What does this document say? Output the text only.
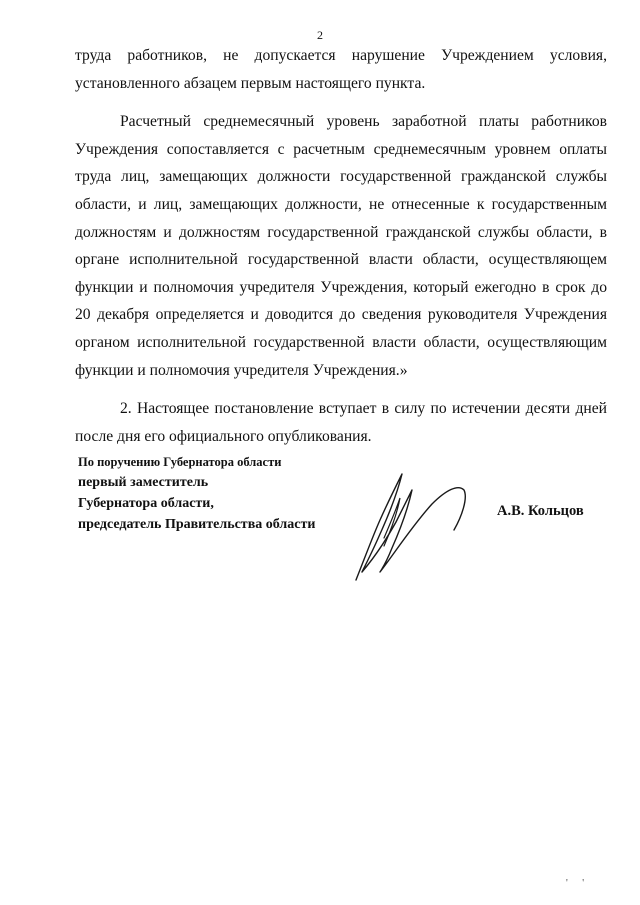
2

труда работников, не допускается нарушение Учреждением условия, установленного абзацем первым настоящего пункта.

Расчетный среднемесячный уровень заработной платы работников Учреждения сопоставляется с расчетным среднемесячным уровнем оплаты труда лиц, замещающих должности государственной гражданской службы области, и лиц, замещающих должности, не отнесенные к государственным должностям и должностям государственной гражданской службы области, в органе исполнительной государственной власти области, осуществляющем функции и полномочия учредителя Учреждения, который ежегодно в срок до 20 декабря определяется и доводится до сведения руководителя Учреждения органом исполнительной государственной власти области, осуществляющим функции и полномочия учредителя Учреждения.»

2. Настоящее постановление вступает в силу по истечении десяти дней после дня его официального опубликования.

По поручению Губернатора области
первый заместитель
Губернатора области,
председатель Правительства области
А.В. Кольцов
' '
